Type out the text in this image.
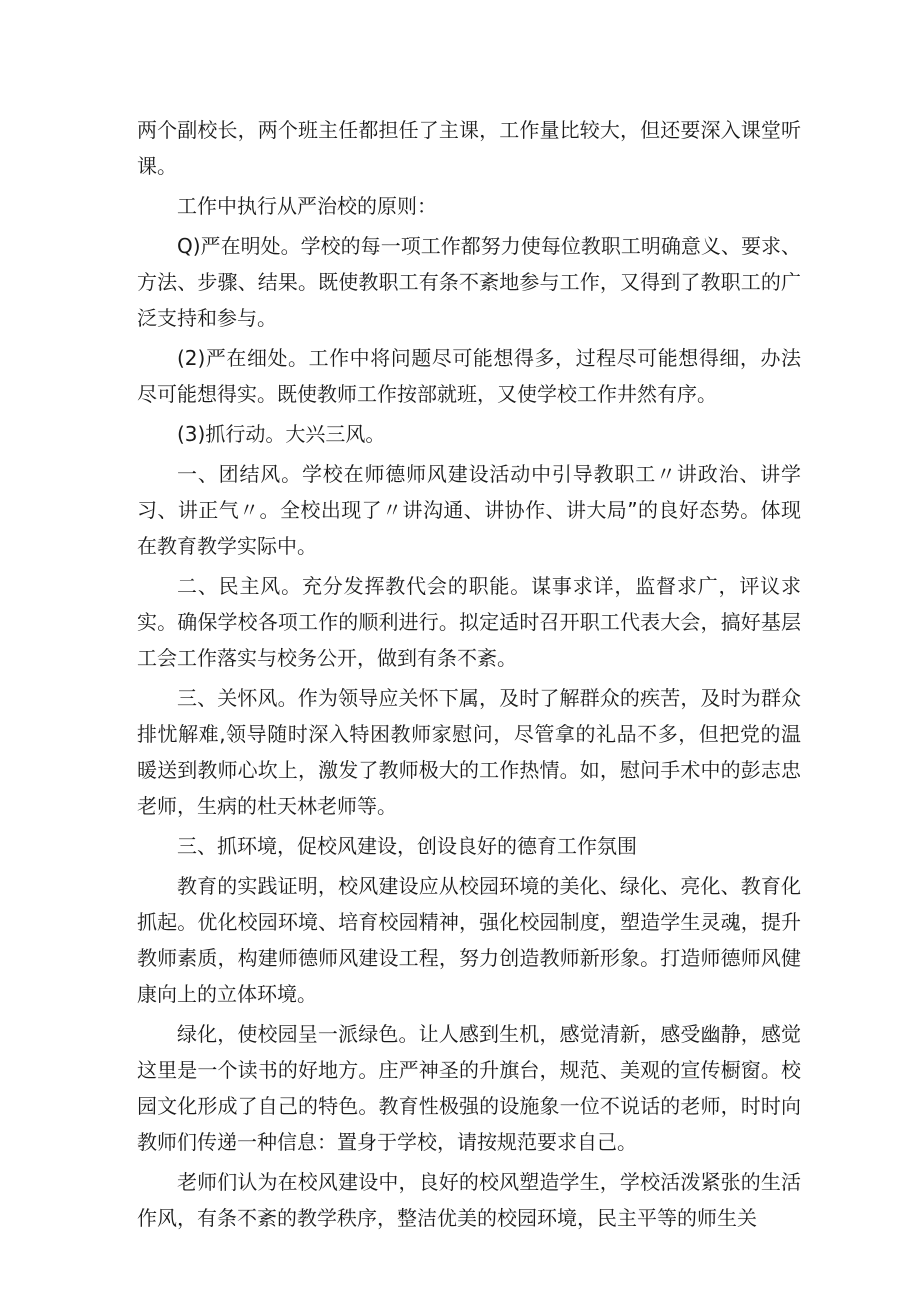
两个副校长，两个班主任都担任了主课，工作量比较大，但还要深入课堂听课。

工作中执行从严治校的原则：

Q)严在明处。学校的每一项工作都努力使每位教职工明确意义、要求、方法、步骤、结果。既使教职工有条不紊地参与工作，又得到了教职工的广泛支持和参与。

(2)严在细处。工作中将问题尽可能想得多，过程尽可能想得细，办法尽可能想得实。既使教师工作按部就班，又使学校工作井然有序。

(3)抓行动。大兴三风。

一、团结风。学校在师德师风建设活动中引导教职工〃讲政治、讲学习、讲正气〃。全校出现了〃讲沟通、讲协作、讲大局”的良好态势。体现在教育教学实际中。

二、民主风。充分发挥教代会的职能。谋事求详，监督求广，评议求实。确保学校各项工作的顺利进行。拟定适时召开职工代表大会，搞好基层工会工作落实与校务公开，做到有条不紊。

三、关怀风。作为领导应关怀下属，及时了解群众的疾苦，及时为群众排忧解难,领导随时深入特困教师家慰问，尽管拿的礼品不多，但把党的温暖送到教师心坎上，激发了教师极大的工作热情。如，慰问手术中的彭志忠老师，生病的杜天林老师等。

三、抓环境，促校风建设，创设良好的德育工作氛围

教育的实践证明，校风建设应从校园环境的美化、绿化、亮化、教育化抓起。优化校园环境、培育校园精神，强化校园制度，塑造学生灵魂，提升教师素质，构建师德师风建设工程，努力创造教师新形象。打造师德师风健康向上的立体环境。

绿化，使校园呈一派绿色。让人感到生机，感觉清新，感受幽静，感觉这里是一个读书的好地方。庄严神圣的升旗台，规范、美观的宣传橱窗。校园文化形成了自己的特色。教育性极强的设施象一位不说话的老师，时时向教师们传递一种信息：置身于学校，请按规范要求自己。

老师们认为在校风建设中，良好的校风塑造学生，学校活泼紧张的生活作风，有条不紊的教学秩序，整洁优美的校园环境，民主平等的师生关
